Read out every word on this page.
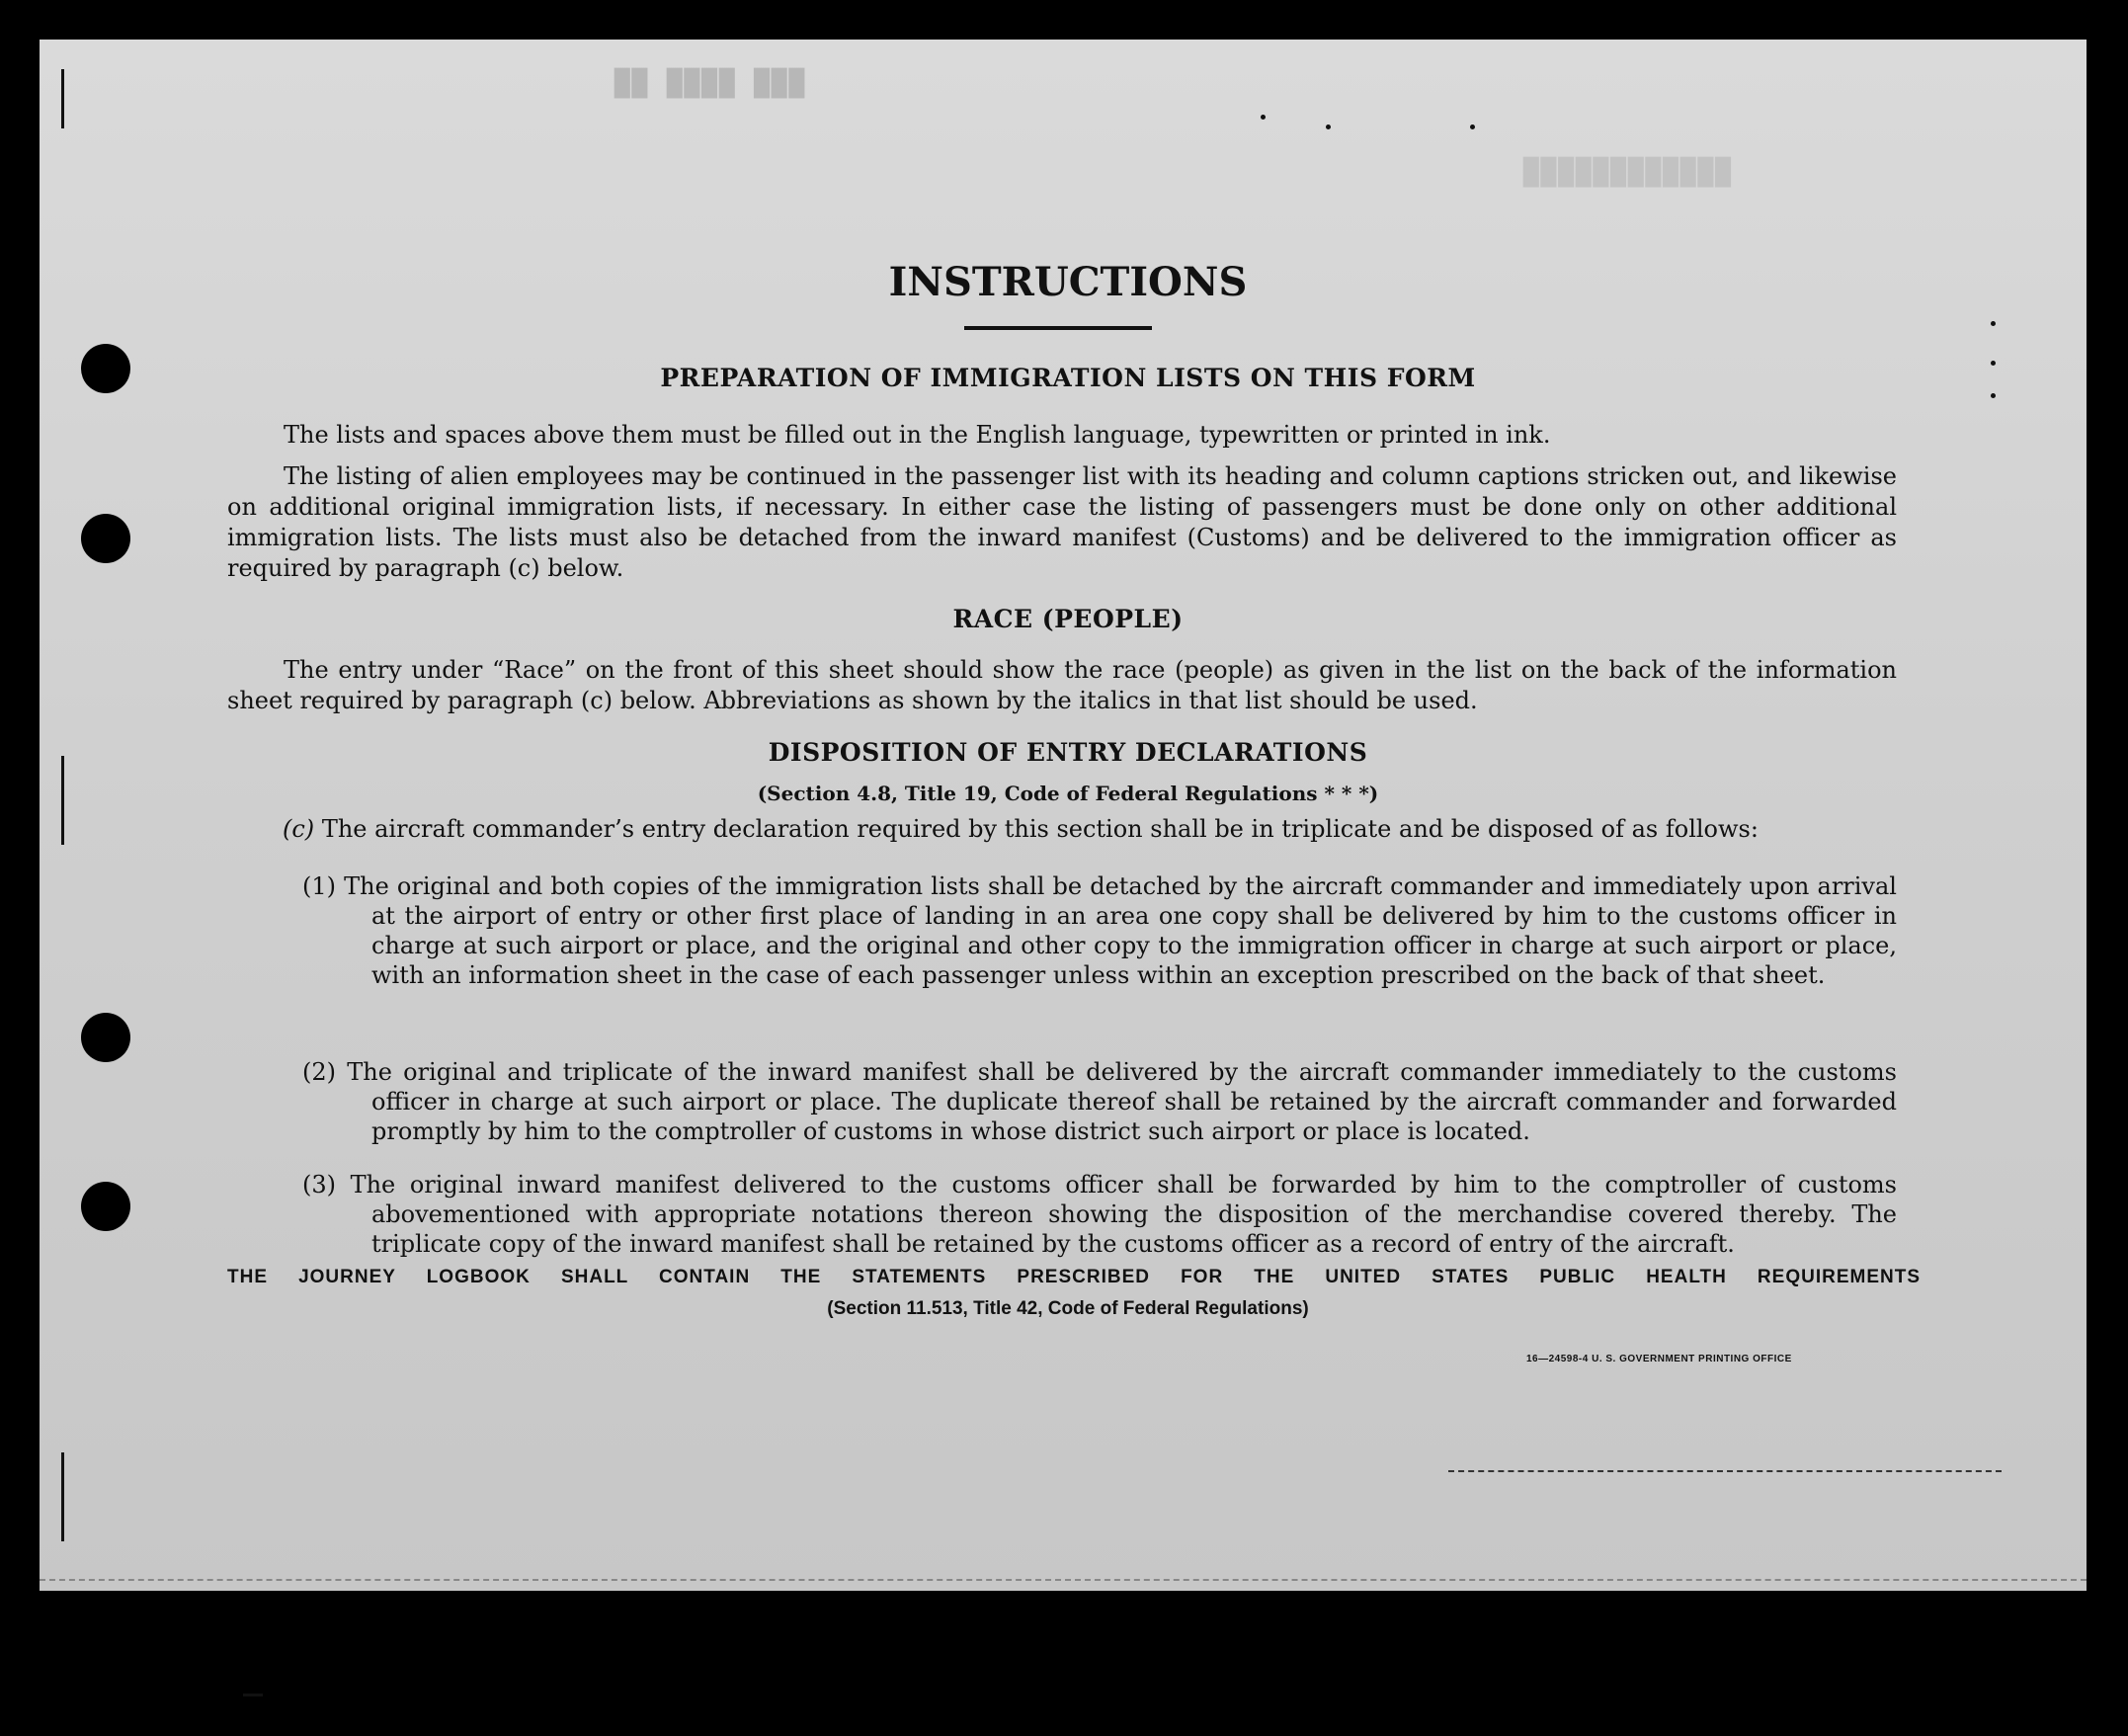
███ ████ ██
████████████
INSTRUCTIONS
PREPARATION OF IMMIGRATION LISTS ON THIS FORM
The lists and spaces above them must be filled out in the English language, typewritten or printed in ink.
The listing of alien employees may be continued in the passenger list with its heading and column captions stricken out, and likewise on additional original immigration lists, if necessary. In either case the listing of passengers must be done only on other additional immigration lists. The lists must also be detached from the inward manifest (Customs) and be delivered to the immigration officer as required by paragraph (c) below.
RACE (PEOPLE)
The entry under “Race” on the front of this sheet should show the race (people) as given in the list on the back of the information sheet required by paragraph (c) below. Abbreviations as shown by the italics in that list should be used.
DISPOSITION OF ENTRY DECLARATIONS
(Section 4.8, Title 19, Code of Federal Regulations * * *)
(c) The aircraft commander’s entry declaration required by this section shall be in triplicate and be disposed of as follows:
(1) The original and both copies of the immigration lists shall be detached by the aircraft commander and immediately upon arrival at the airport of entry or other first place of landing in an area one copy shall be delivered by him to the customs officer in charge at such airport or place, and the original and other copy to the immigration officer in charge at such airport or place, with an information sheet in the case of each passenger unless within an exception prescribed on the back of that sheet.
(2) The original and triplicate of the inward manifest shall be delivered by the aircraft commander immediately to the customs officer in charge at such airport or place. The duplicate thereof shall be retained by the aircraft commander and forwarded promptly by him to the comptroller of customs in whose district such airport or place is located.
(3) The original inward manifest delivered to the customs officer shall be forwarded by him to the comptroller of customs abovementioned with appropriate notations thereon showing the disposition of the merchandise covered thereby. The triplicate copy of the inward manifest shall be retained by the customs officer as a record of entry of the aircraft.
THE JOURNEY LOGBOOK SHALL CONTAIN THE STATEMENTS PRESCRIBED FOR THE UNITED STATES PUBLIC HEALTH REQUIREMENTS
(Section 11.513, Title 42, Code of Federal Regulations)
16—24598-4 U. S. GOVERNMENT PRINTING OFFICE
